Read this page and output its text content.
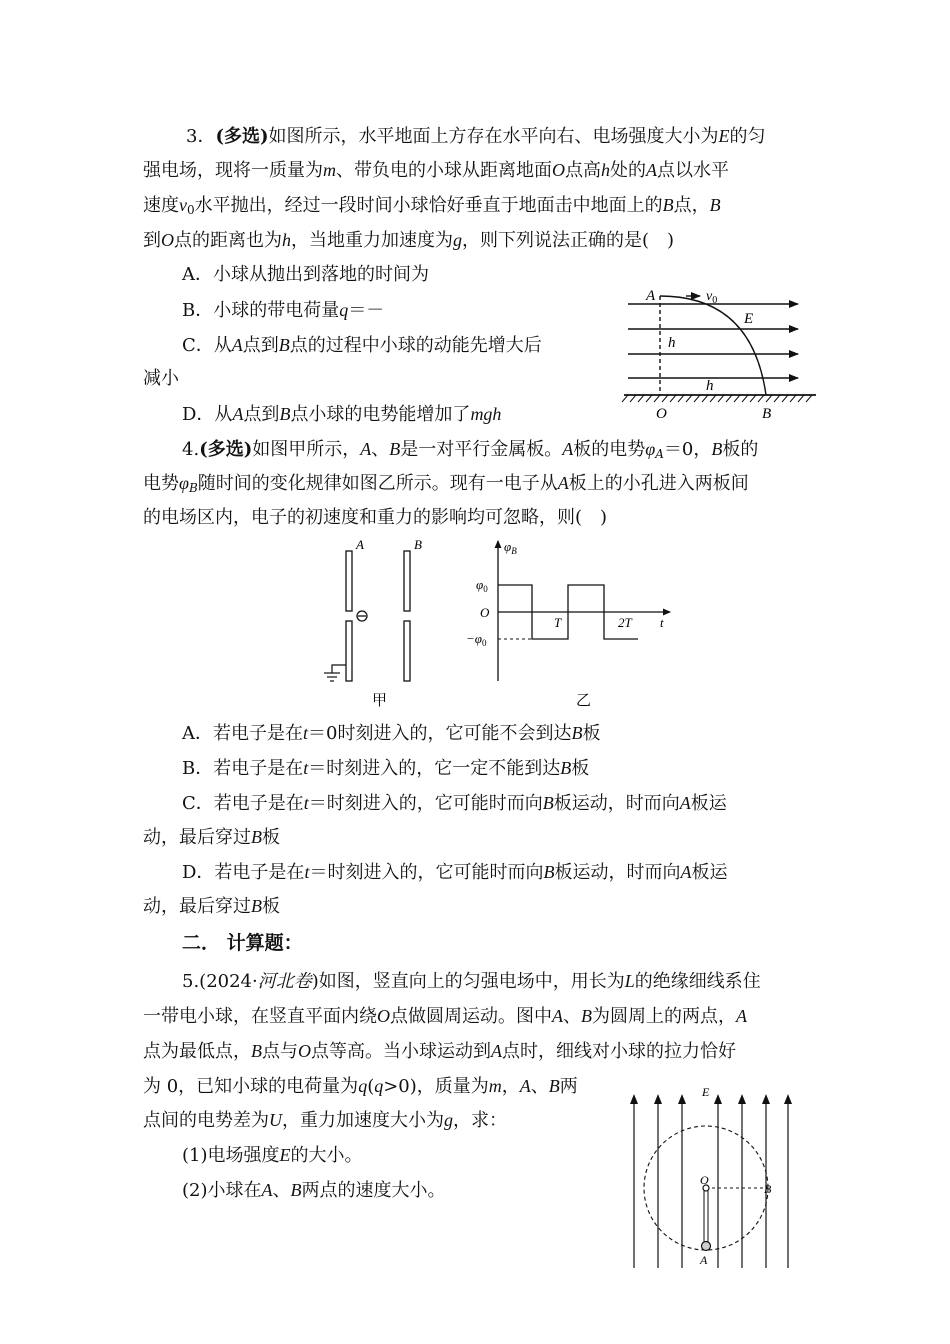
3．(多选)如图所示，水平地面上方存在水平向右、电场强度大小为E的匀
强电场，现将一质量为m、带负电的小球从距离地面O点高h处的A点以水平
速度$v_0$水平抛出，经过一段时间小球恰好垂直于地面击中地面上的B点，B
到O点的距离也为h，当地重力加速度为g，则下列说法正确的是(　)
A．小球从抛出到落地的时间为
B．小球的带电荷量q＝－
C．从A点到B点的过程中小球的动能先增大后
减小
D．从A点到B点小球的电势能增加了mgh
A	$v_0$
E
h
h
O	B
4.(多选)如图甲所示，A、B是一对平行金属板。A板的电势$\varphi_A=0$，B板的
电势$\varphi_B$随时间的变化规律如图乙所示。现有一电子从A板上的小孔进入两板间
的电场区内，电子的初速度和重力的影响均可忽略，则(　)
A	B
甲
$\varphi_B$
$\varphi_0$
O
$-\varphi_0$
T	2T t
乙
A．若电子是在t＝0时刻进入的，它可能不会到达B板
B．若电子是在t＝时刻进入的，它一定不能到达B板
C．若电子是在t＝时刻进入的，它可能时而向B板运动，时而向A板运
动，最后穿过B板
D．若电子是在t＝时刻进入的，它可能时而向B板运动，时而向A板运
动，最后穿过B板
二． 计算题：
5.(2024·河北卷)如图，竖直向上的匀强电场中，用长为L的绝缘细线系住
一带电小球，在竖直平面内绕O点做圆周运动。图中A、B为圆周上的两点，A
点为最低点，B点与O点等高。当小球运动到A点时，细线对小球的拉力恰好
为 0，已知小球的电荷量为q(q>0)，质量为m，A、B两
点间的电势差为U，重力加速度大小为g，求：
(1)电场强度E的大小。
(2)小球在A、B两点的速度大小。
E
O
B
A
